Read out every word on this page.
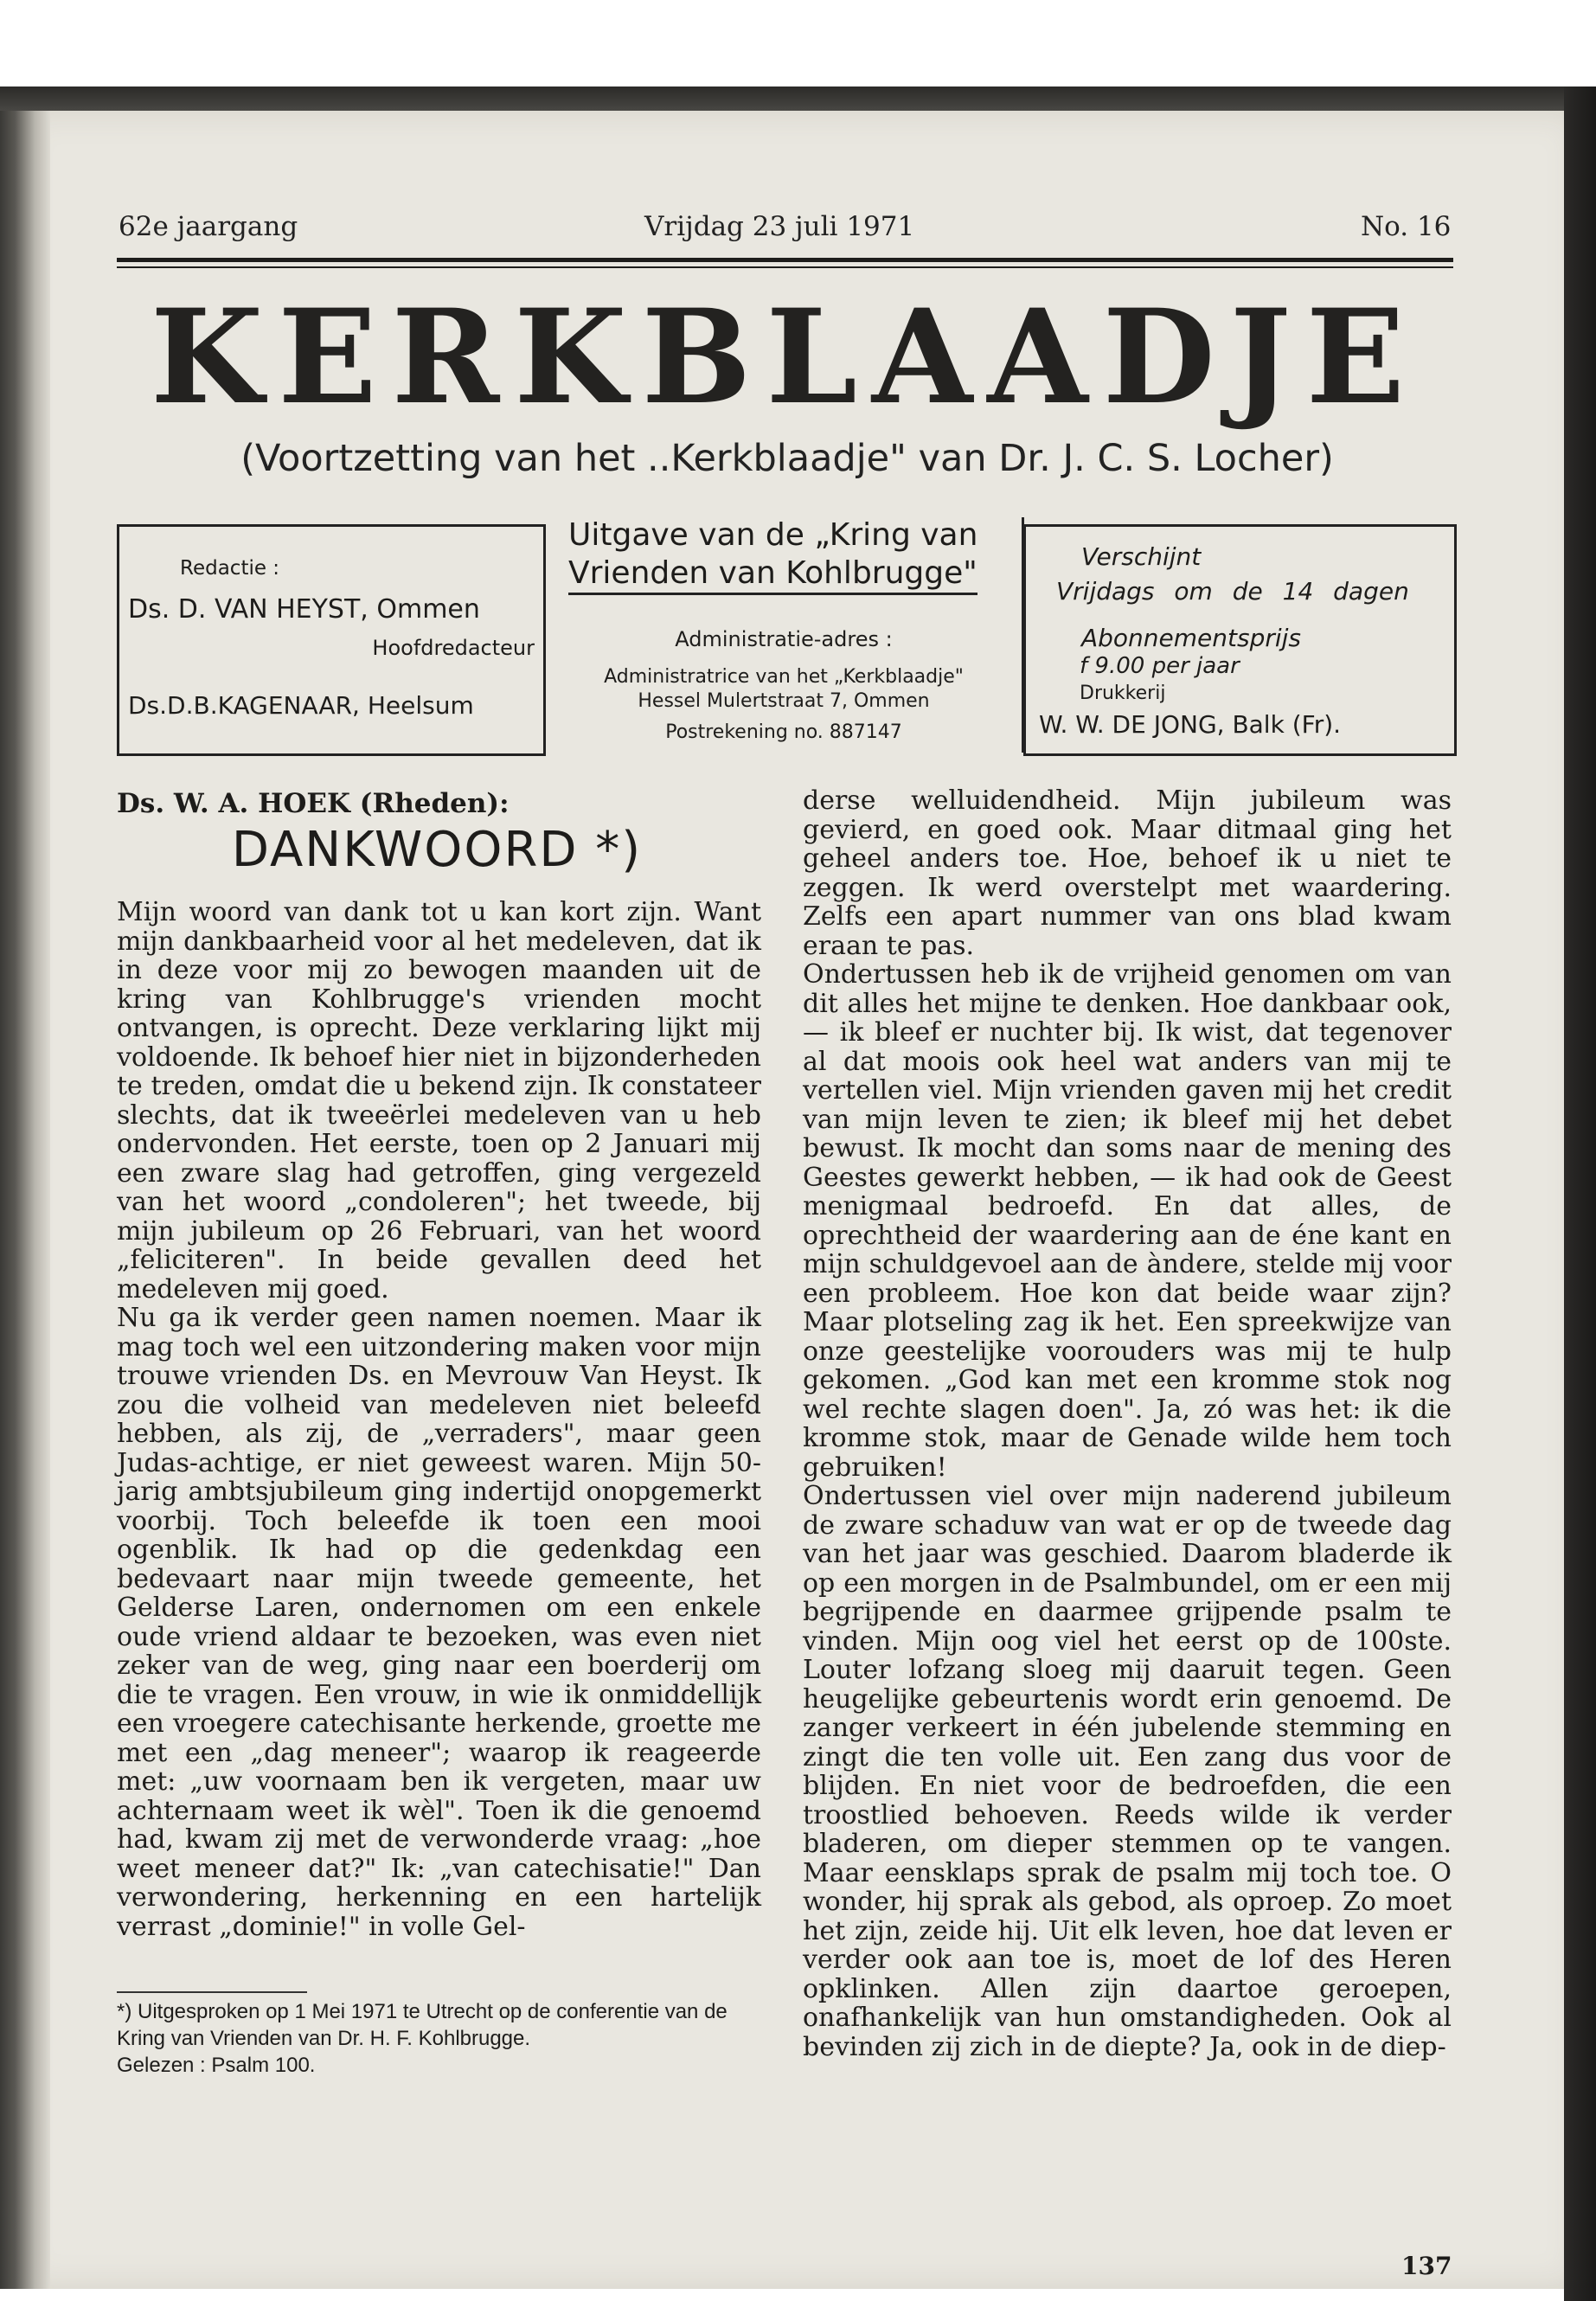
62e jaargang	Vrijdag 23 juli 1971	No. 16
KERKBLAADJE
(Voortzetting van het ..Kerkblaadje" van Dr. J. C. S. Locher)
Redactie :
Ds. D. VAN HEYST, Ommen
Hoofdredacteur
Ds.D.B.KAGENAAR, Heelsum
Uitgave van de „Kring van
Vrienden van Kohlbrugge"
Administratie-adres :
Administratrice van het „Kerkblaadje"
Hessel Mulertstraat 7, Ommen
Postrekening no. 887147
Verschijnt
Vrijdags om de 14 dagen
Abonnementsprijs
f 9.00 per jaar
Drukkerij
W. W. DE JONG, Balk (Fr).
Ds. W. A. HOEK (Rheden):
DANKWOORD *)

Mijn woord van dank tot u kan kort zijn. Want mijn dankbaarheid voor al het medeleven, dat ik in deze voor mij zo bewogen maanden uit de kring van Kohlbrugge's vrienden mocht ontvangen, is oprecht. Deze verklaring lijkt mij voldoende. Ik behoef hier niet in bijzonderheden te treden, omdat die u bekend zijn. Ik constateer slechts, dat ik tweeërlei medeleven van u heb ondervonden. Het eerste, toen op 2 Januari mij een zware slag had getroffen, ging vergezeld van het woord „condoleren"; het tweede, bij mijn jubileum op 26 Februari, van het woord „feliciteren". In beide gevallen deed het medeleven mij goed.

Nu ga ik verder geen namen noemen. Maar ik mag toch wel een uitzondering maken voor mijn trouwe vrienden Ds. en Mevrouw Van Heyst. Ik zou die volheid van medeleven niet beleefd hebben, als zij, de „verraders", maar geen Judas-achtige, er niet geweest waren. Mijn 50-jarig ambtsjubileum ging indertijd onopgemerkt voorbij. Toch beleefde ik toen een mooi ogenblik. Ik had op die gedenkdag een bedevaart naar mijn tweede gemeente, het Gelderse Laren, ondernomen om een enkele oude vriend aldaar te bezoeken, was even niet zeker van de weg, ging naar een boerderij om die te vragen. Een vrouw, in wie ik onmiddellijk een vroegere catechisante herkende, groette me met een „dag meneer"; waarop ik reageerde met: „uw voornaam ben ik vergeten, maar uw achternaam weet ik wèl". Toen ik die genoemd had, kwam zij met de verwonderde vraag: „hoe weet meneer dat?" Ik: „van catechisatie!" Dan verwondering, herkenning en een hartelijk verrast „dominie!" in volle Gel-

*) Uitgesproken op 1 Mei 1971 te Utrecht op de conferentie van de Kring van Vrienden van Dr. H. F. Kohlbrugge.
Gelezen : Psalm 100.

derse welluidendheid. Mijn jubileum was gevierd, en goed ook. Maar ditmaal ging het geheel anders toe. Hoe, behoef ik u niet te zeggen. Ik werd overstelpt met waardering. Zelfs een apart nummer van ons blad kwam eraan te pas.

Ondertussen heb ik de vrijheid genomen om van dit alles het mijne te denken. Hoe dankbaar ook, — ik bleef er nuchter bij. Ik wist, dat tegenover al dat moois ook heel wat anders van mij te vertellen viel. Mijn vrienden gaven mij het credit van mijn leven te zien; ik bleef mij het debet bewust. Ik mocht dan soms naar de mening des Geestes gewerkt hebben, — ik had ook de Geest menigmaal bedroefd. En dat alles, de oprechtheid der waardering aan de éne kant en mijn schuldgevoel aan de àndere, stelde mij voor een probleem. Hoe kon dat beide waar zijn? Maar plotseling zag ik het. Een spreekwijze van onze geestelijke voorouders was mij te hulp gekomen. „God kan met een kromme stok nog wel rechte slagen doen". Ja, zó was het: ik die kromme stok, maar de Genade wilde hem toch gebruiken!

Ondertussen viel over mijn naderend jubileum de zware schaduw van wat er op de tweede dag van het jaar was geschied. Daarom bladerde ik op een morgen in de Psalmbundel, om er een mij begrijpende en daarmee grijpende psalm te vinden. Mijn oog viel het eerst op de 100ste. Louter lofzang sloeg mij daaruit tegen. Geen heugelijke gebeurtenis wordt erin genoemd. De zanger verkeert in één jubelende stemming en zingt die ten volle uit. Een zang dus voor de blijden. En niet voor de bedroefden, die een troostlied behoeven. Reeds wilde ik verder bladeren, om dieper stemmen op te vangen. Maar eensklaps sprak de psalm mij toch toe. O wonder, hij sprak als gebod, als oproep. Zo moet het zijn, zeide hij. Uit elk leven, hoe dat leven er verder ook aan toe is, moet de lof des Heren opklinken. Allen zijn daartoe geroepen, onafhankelijk van hun omstandigheden. Ook al bevinden zij zich in de diepte? Ja, ook in de diep-

137
